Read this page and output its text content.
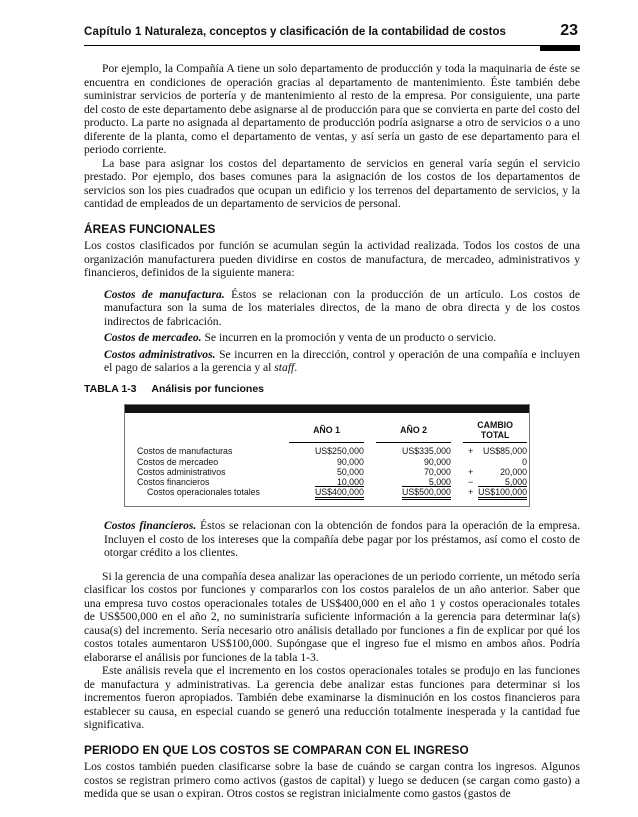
Capítulo 1 Naturaleza, conceptos y clasificación de la contabilidad de costos	23

Por ejemplo, la Compañía A tiene un solo departamento de producción y toda la maquinaria de éste se encuentra en condiciones de operación gracias al departamento de mantenimiento. Éste también debe suministrar servicios de portería y de mantenimiento al resto de la empresa. Por consiguiente, una parte del costo de este departamento debe asignarse al de producción para que se convierta en parte del costo del producto. La parte no asignada al departamento de producción podría asignarse a otro de servicios o a uno diferente de la planta, como el departamento de ventas, y así sería un gasto de ese departamento para el periodo corriente.

La base para asignar los costos del departamento de servicios en general varía según el servicio prestado. Por ejemplo, dos bases comunes para la asignación de los costos de los departamentos de servicios son los pies cuadrados que ocupan un edificio y los terrenos del departamento de servicios, y la cantidad de empleados de un departamento de servicios de personal.

ÁREAS FUNCIONALES

Los costos clasificados por función se acumulan según la actividad realizada. Todos los costos de una organización manufacturera pueden dividirse en costos de manufactura, de mercadeo, administrativos y financieros, definidos de la siguiente manera:

Costos de manufactura. Éstos se relacionan con la producción de un artículo. Los costos de manufactura son la suma de los materiales directos, de la mano de obra directa y de los costos indirectos de fabricación.

Costos de mercadeo. Se incurren en la promoción y venta de un producto o servicio.

Costos administrativos. Se incurren en la dirección, control y operación de una compañía e incluyen el pago de salarios a la gerencia y al staff.

TABLA 1-3 Análisis por funciones
	AÑO 1		AÑO 2		CAMBIO TOTAL	
Costos de manufacturas	US$250,000		US$335,000		+	US$85,000
Costos de mercadeo	90,000		90,000			0
Costos administrativos	50,000		70,000		+	20,000
Costos financieros	10,000		5,000		−	5,000
Costos operacionales totales	US$400,000		US$500,000		+	US$100,000

Costos financieros. Éstos se relacionan con la obtención de fondos para la operación de la empresa. Incluyen el costo de los intereses que la compañía debe pagar por los préstamos, así como el costo de otorgar crédito a los clientes.

Si la gerencia de una compañía desea analizar las operaciones de un periodo corriente, un método sería clasificar los costos por funciones y compararlos con los costos paralelos de un año anterior. Saber que una empresa tuvo costos operacionales totales de US$400,000 en el año 1 y costos operacionales totales de US$500,000 en el año 2, no suministraría suficiente información a la gerencia para determinar la(s) causa(s) del incremento. Sería necesario otro análisis detallado por funciones a fin de explicar por qué los costos totales aumentaron US$100,000. Supóngase que el ingreso fue el mismo en ambos años. Podría elaborarse el análisis por funciones de la tabla 1-3.

Este análisis revela que el incremento en los costos operacionales totales se produjo en las funciones de manufactura y administrativas. La gerencia debe analizar estas funciones para determinar si los incrementos fueron apropiados. También debe examinarse la disminución en los costos financieros para establecer su causa, en especial cuando se generó una reducción totalmente inesperada y la cantidad fue significativa.

PERIODO EN QUE LOS COSTOS SE COMPARAN CON EL INGRESO

Los costos también pueden clasificarse sobre la base de cuándo se cargan contra los ingresos. Algunos costos se registran primero como activos (gastos de capital) y luego se deducen (se cargan como gasto) a medida que se usan o expiran. Otros costos se registran inicialmente como gastos (gastos de
